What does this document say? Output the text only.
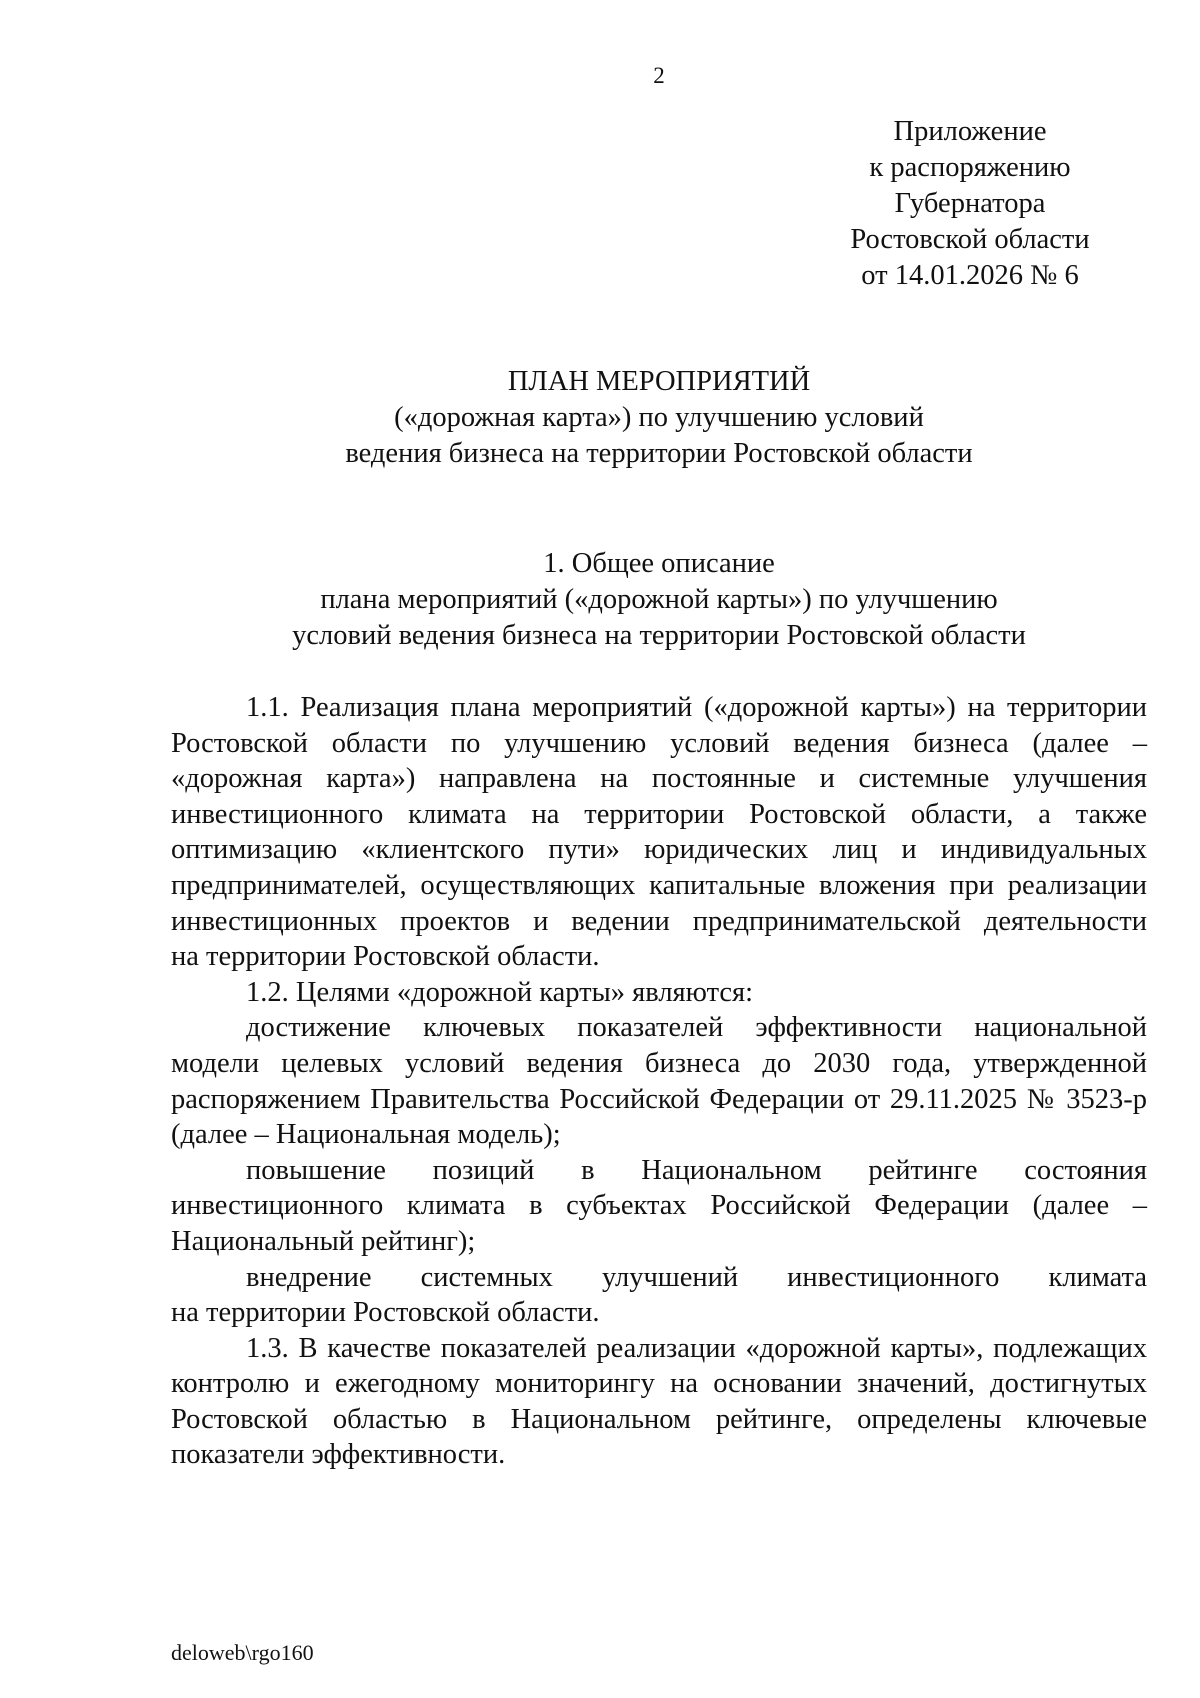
2
Приложение
к распоряжению
Губернатора
Ростовской области
от 14.01.2026 № 6
ПЛАН МЕРОПРИЯТИЙ
(«дорожная карта») по улучшению условий
ведения бизнеса на территории Ростовской области
1. Общее описание
плана мероприятий («дорожной карты») по улучшению
условий ведения бизнеса на территории Ростовской области
1.1. Реализация плана мероприятий («дорожной карты») на территории
Ростовской области по улучшению условий ведения бизнеса (далее –
«дорожная карта») направлена на постоянные и системные улучшения
инвестиционного климата на территории Ростовской области, а также
оптимизацию «клиентского пути» юридических лиц и индивидуальных
предпринимателей, осуществляющих капитальные вложения при реализации
инвестиционных проектов и ведении предпринимательской деятельности
на территории Ростовской области.
1.2. Целями «дорожной карты» являются:
достижение ключевых показателей эффективности национальной
модели целевых условий ведения бизнеса до 2030 года, утвержденной
распоряжением Правительства Российской Федерации от 29.11.2025 № 3523-р
(далее – Национальная модель);
повышение позиций в Национальном рейтинге состояния
инвестиционного климата в субъектах Российской Федерации (далее –
Национальный рейтинг);
внедрение системных улучшений инвестиционного климата
на территории Ростовской области.
1.3. В качестве показателей реализации «дорожной карты», подлежащих
контролю и ежегодному мониторингу на основании значений, достигнутых
Ростовской областью в Национальном рейтинге, определены ключевые
показатели эффективности.
deloweb\rgo160
